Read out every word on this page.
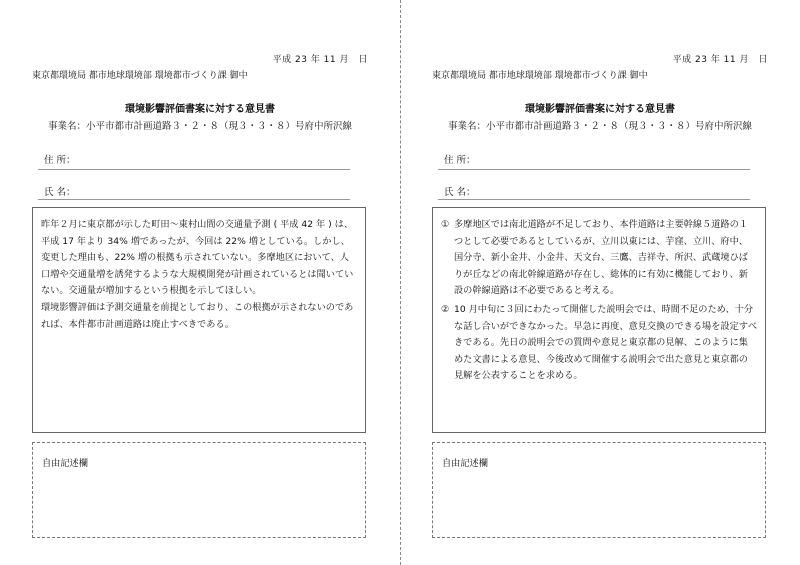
平成 23 年 11 月　日
東京都環境局 都市地球環境部 環境都市づくり課 御中
環境影響評価書案に対する意見書
事業名：小平市都市計画道路３・２・８（現３・３・８）号府中所沢線
住 所：
氏 名：

昨年２月に東京都が示した町田〜東村山間の交通量予測 ( 平成 42 年 ) は、平成 17 年より 34% 増であったが、今回は 22% 増としている。しかし、変更した理由も、22% 増の根拠も示されていない。多摩地区において、人口増や交通量増を誘発するような大規模開発が計画されているとは聞いていない。交通量が増加するという根拠を示してほしい。

環境影響評価は予測交通量を前提としており、この根拠が示されないのであれば、本件都市計画道路は廃止すべきである。

自由記述欄
平成 23 年 11 月　日
東京都環境局 都市地球環境部 環境都市づくり課 御中
環境影響評価書案に対する意見書
事業名：小平市都市計画道路３・２・８（現３・３・８）号府中所沢線
住 所：
氏 名：
① 多摩地区では南北道路が不足しており、本件道路は主要幹線５道路の１つとして必要であるとしているが、立川以東には、芋窪、立川、府中、国分寺、新小金井、小金井、天文台、三鷹、吉祥寺、所沢、武蔵境ひばりが丘などの南北幹線道路が存在し、総体的に有効に機能しており、新設の幹線道路は不必要であると考える。
② 10 月中旬に３回にわたって開催した説明会では、時間不足のため、十分な話し合いができなかった。早急に再度、意見交換のできる場を設定すべきである。先日の説明会での質問や意見と東京都の見解、このように集めた文書による意見、今後改めて開催する説明会で出た意見と東京都の見解を公表することを求める。
自由記述欄
